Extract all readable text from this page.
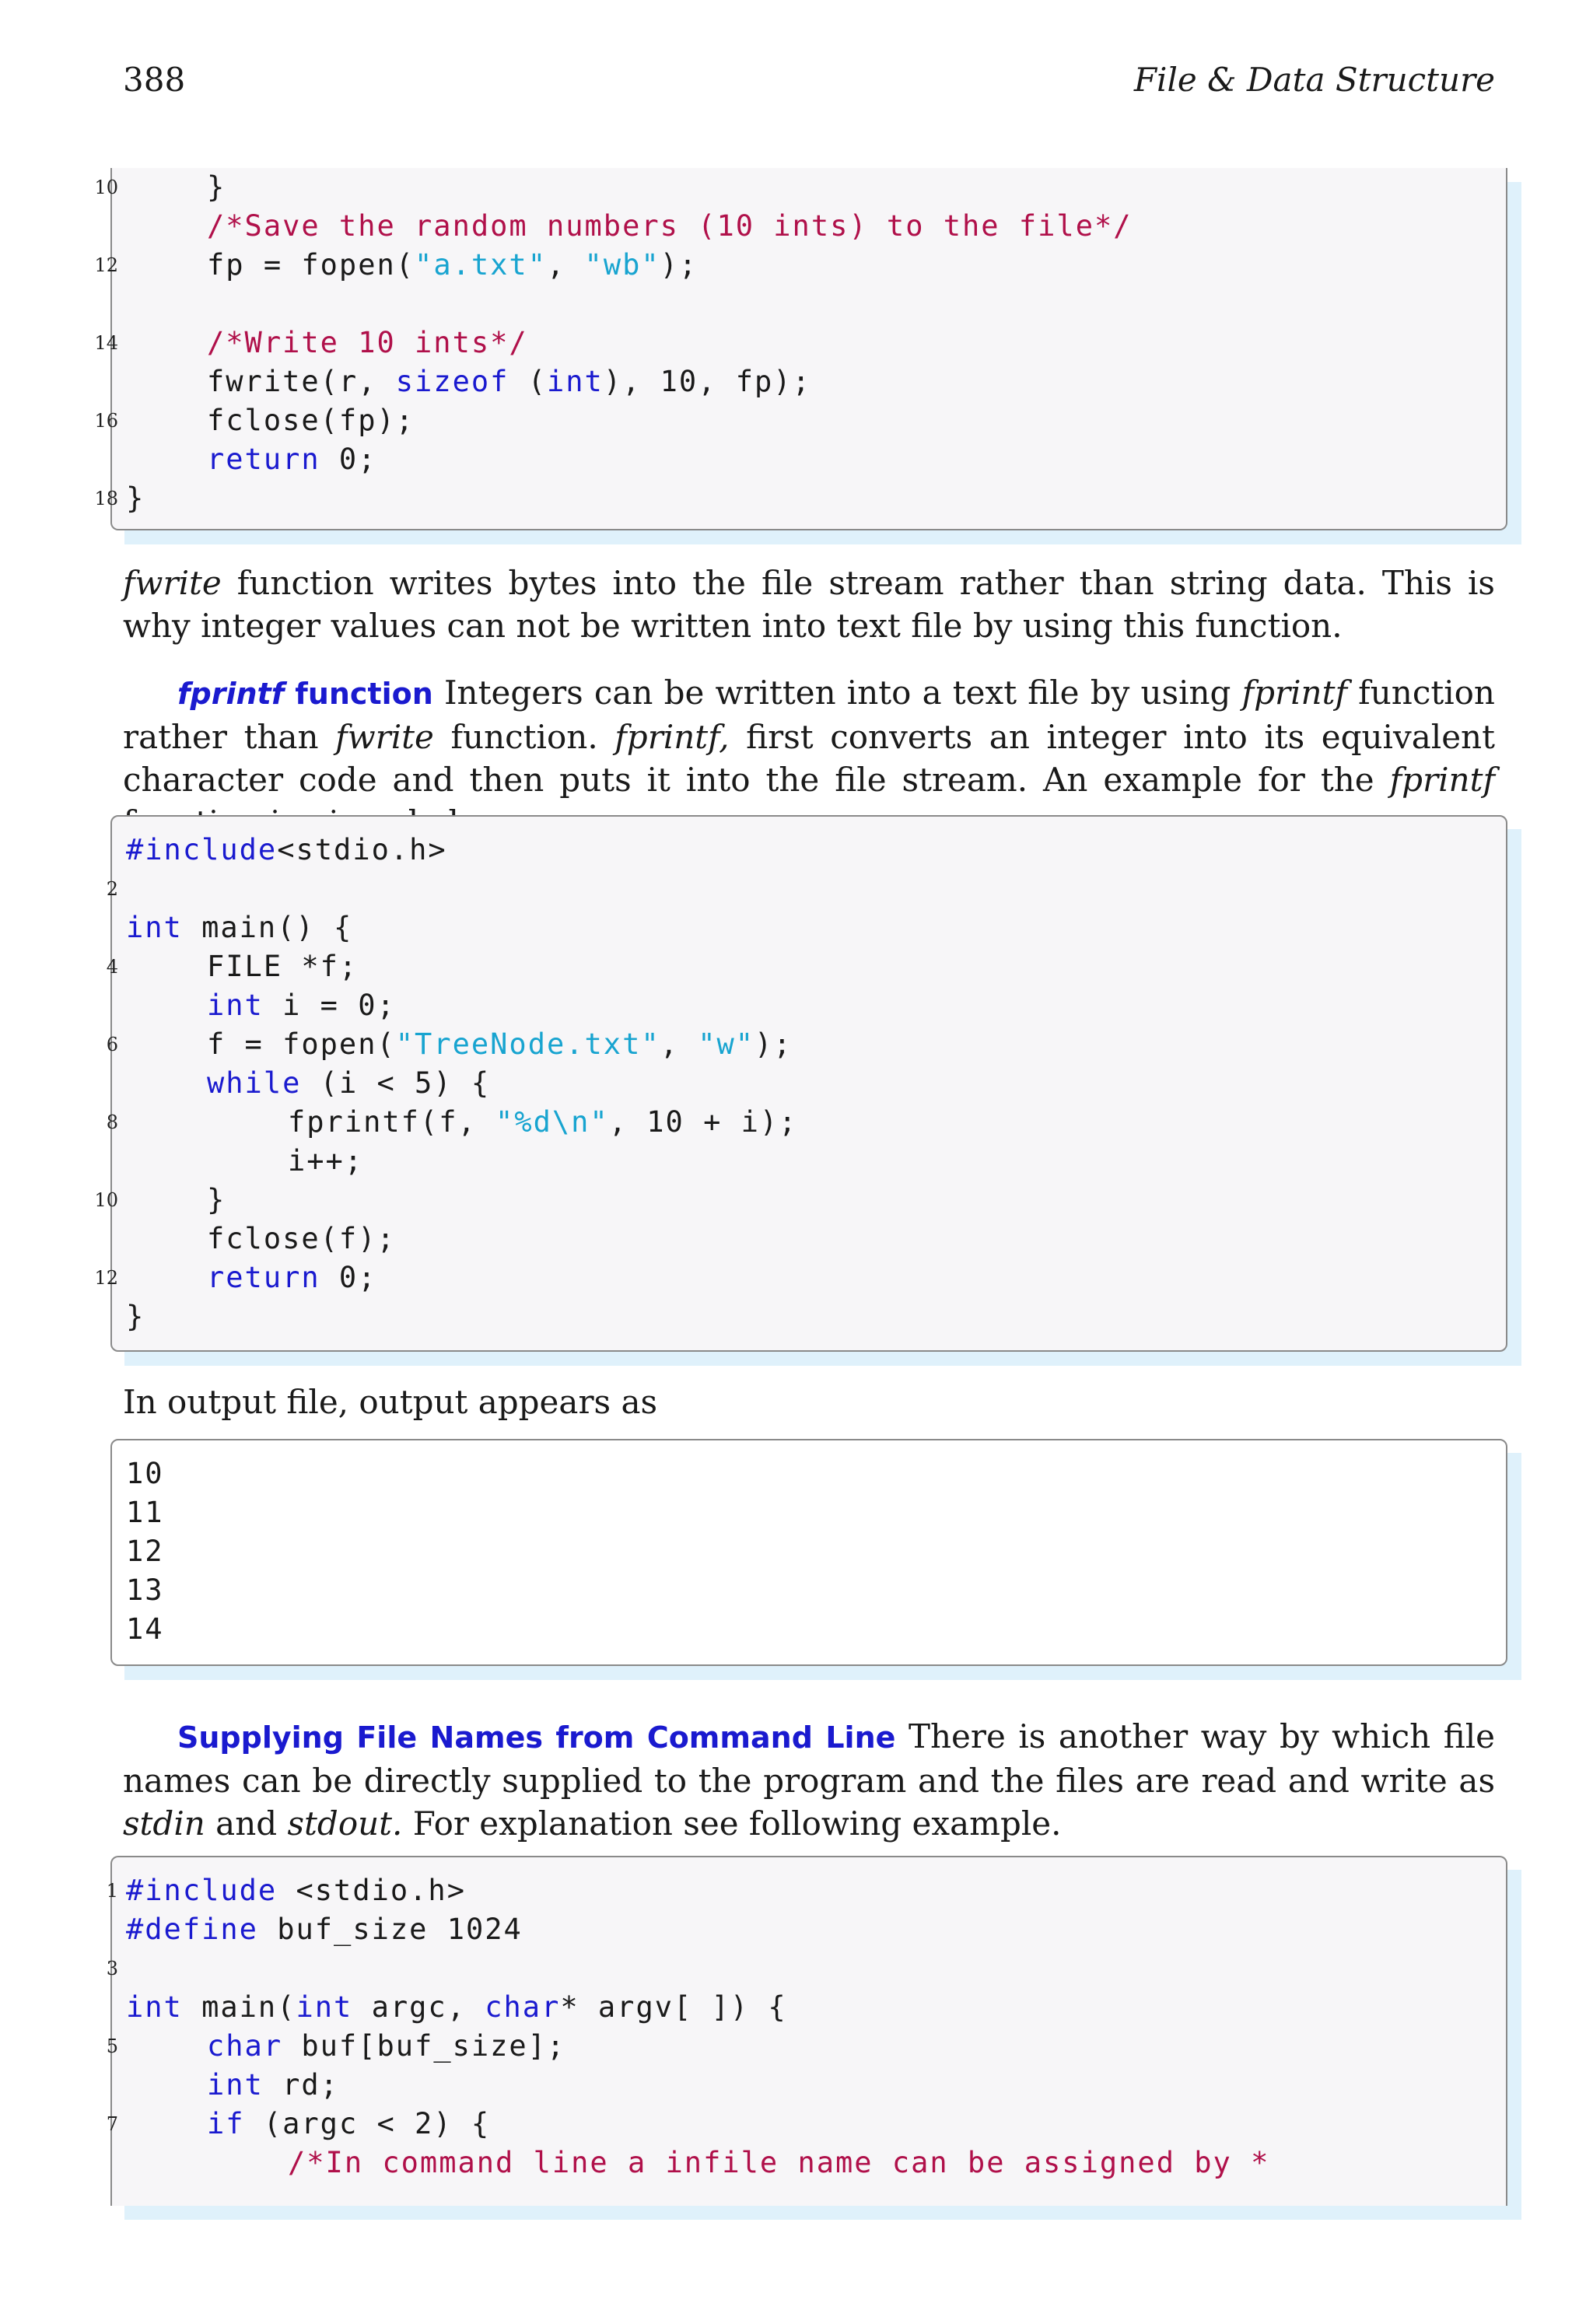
388	File & Data Structure
10	}
/*Save the random numbers (10 ints) to the file*/
12	fp = fopen("a.txt", "wb");
14	/*Write 10 ints*/
fwrite(r, sizeof (int), 10, fp);
16	fclose(fp);
return 0;
18 }

fwrite function writes bytes into the file stream rather than string data. This is why integer values can not be written into text file by using this function.

fprintf function Integers can be written into a text file by using fprintf function rather than fwrite function. fprintf, first converts an integer into its equivalent character code and then puts it into the file stream. An example for the fprintf

#include<stdio.h>
2
int main() {
4	FILE *f;
int i = 0;
6	f = fopen("TreeNode.txt", "w");
while (i < 5) {
8	fprintf(f, "%d\n", 10 + i);
i++;
10	}
fclose(f);
12	return 0;
}

In output file, output appears as

10
11
12
13
14

Supplying File Names from Command Line There is another way by which file names can be directly supplied to the program and the files are read and write as stdin and stdout. For explanation see following example.

1 #include <stdio.h>
#define buf_size 1024
3
int main(int argc, char* argv[ ]) {
5	char buf[buf_size];
int rd;
7	if (argc < 2) {
/*In command line a infile name can be assigned by *
